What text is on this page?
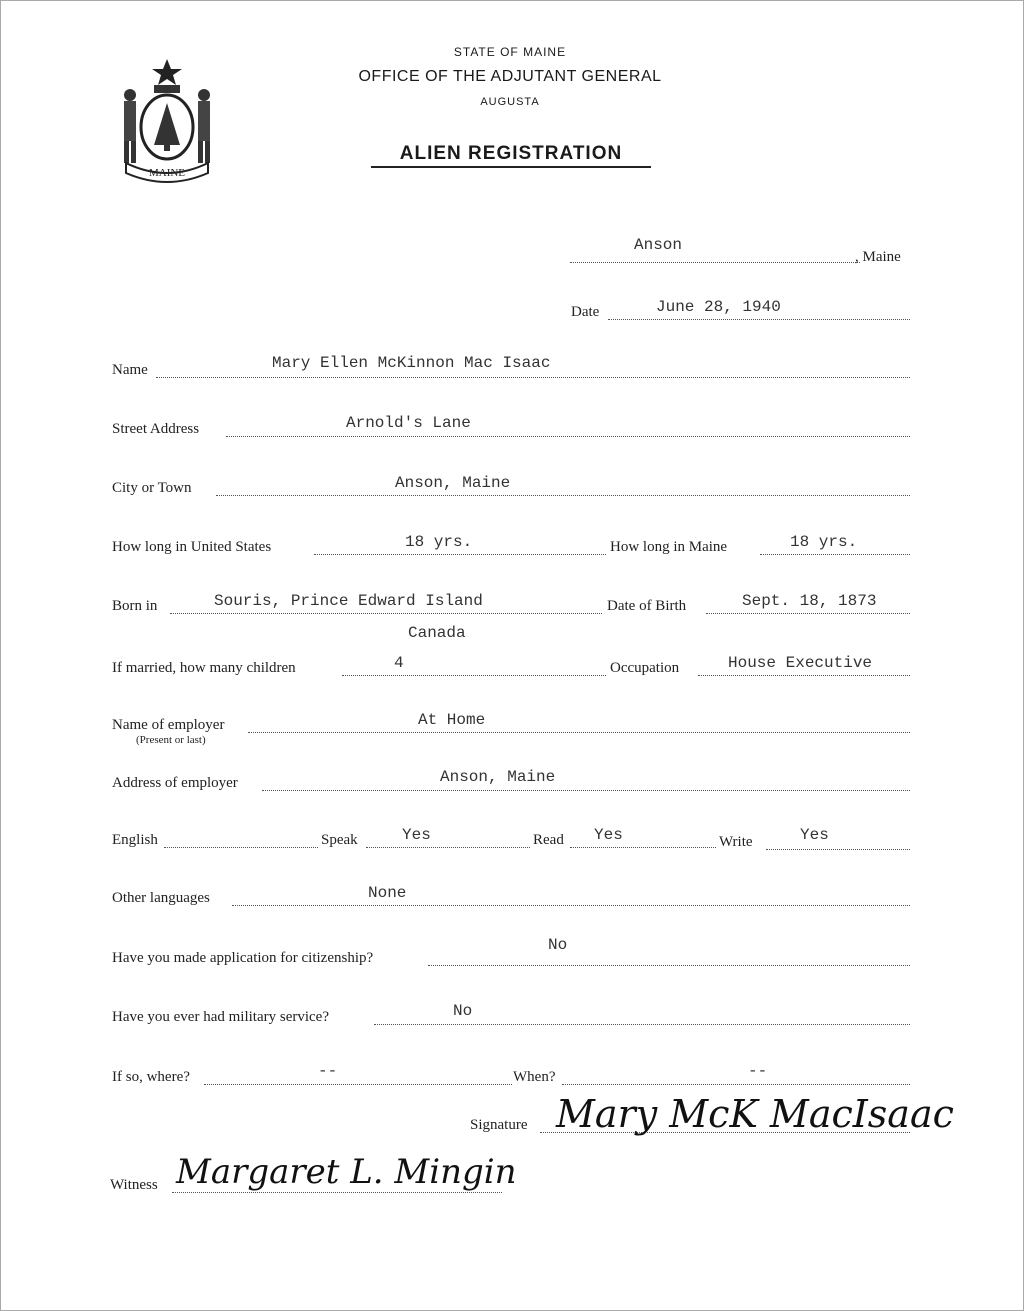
MAINE
STATE OF MAINE
OFFICE OF THE ADJUTANT GENERAL
AUGUSTA
ALIEN REGISTRATION
Anson
, Maine
Date	June 28, 1940
Name	Mary Ellen McKinnon Mac Isaac
Street Address	Arnold's Lane
City or Town	Anson, Maine
How long in United States	18 yrs.	How long in Maine	18 yrs.
Born in	Souris, Prince Edward Island
Canada
Date of Birth	Sept. 18, 1873
If married, how many children	4	Occupation	House Executive
Name of employer
(Present or last)
At Home
Address of employer	Anson, Maine
English	Speak	Yes	Read Yes	Write	Yes
Other languages	None
Have you made application for citizenship?
No
Have you ever had military service?	No
If so, where?	--	When?	--
Signature Mary McK MacIsaac
Witness Margaret L. Mingin
